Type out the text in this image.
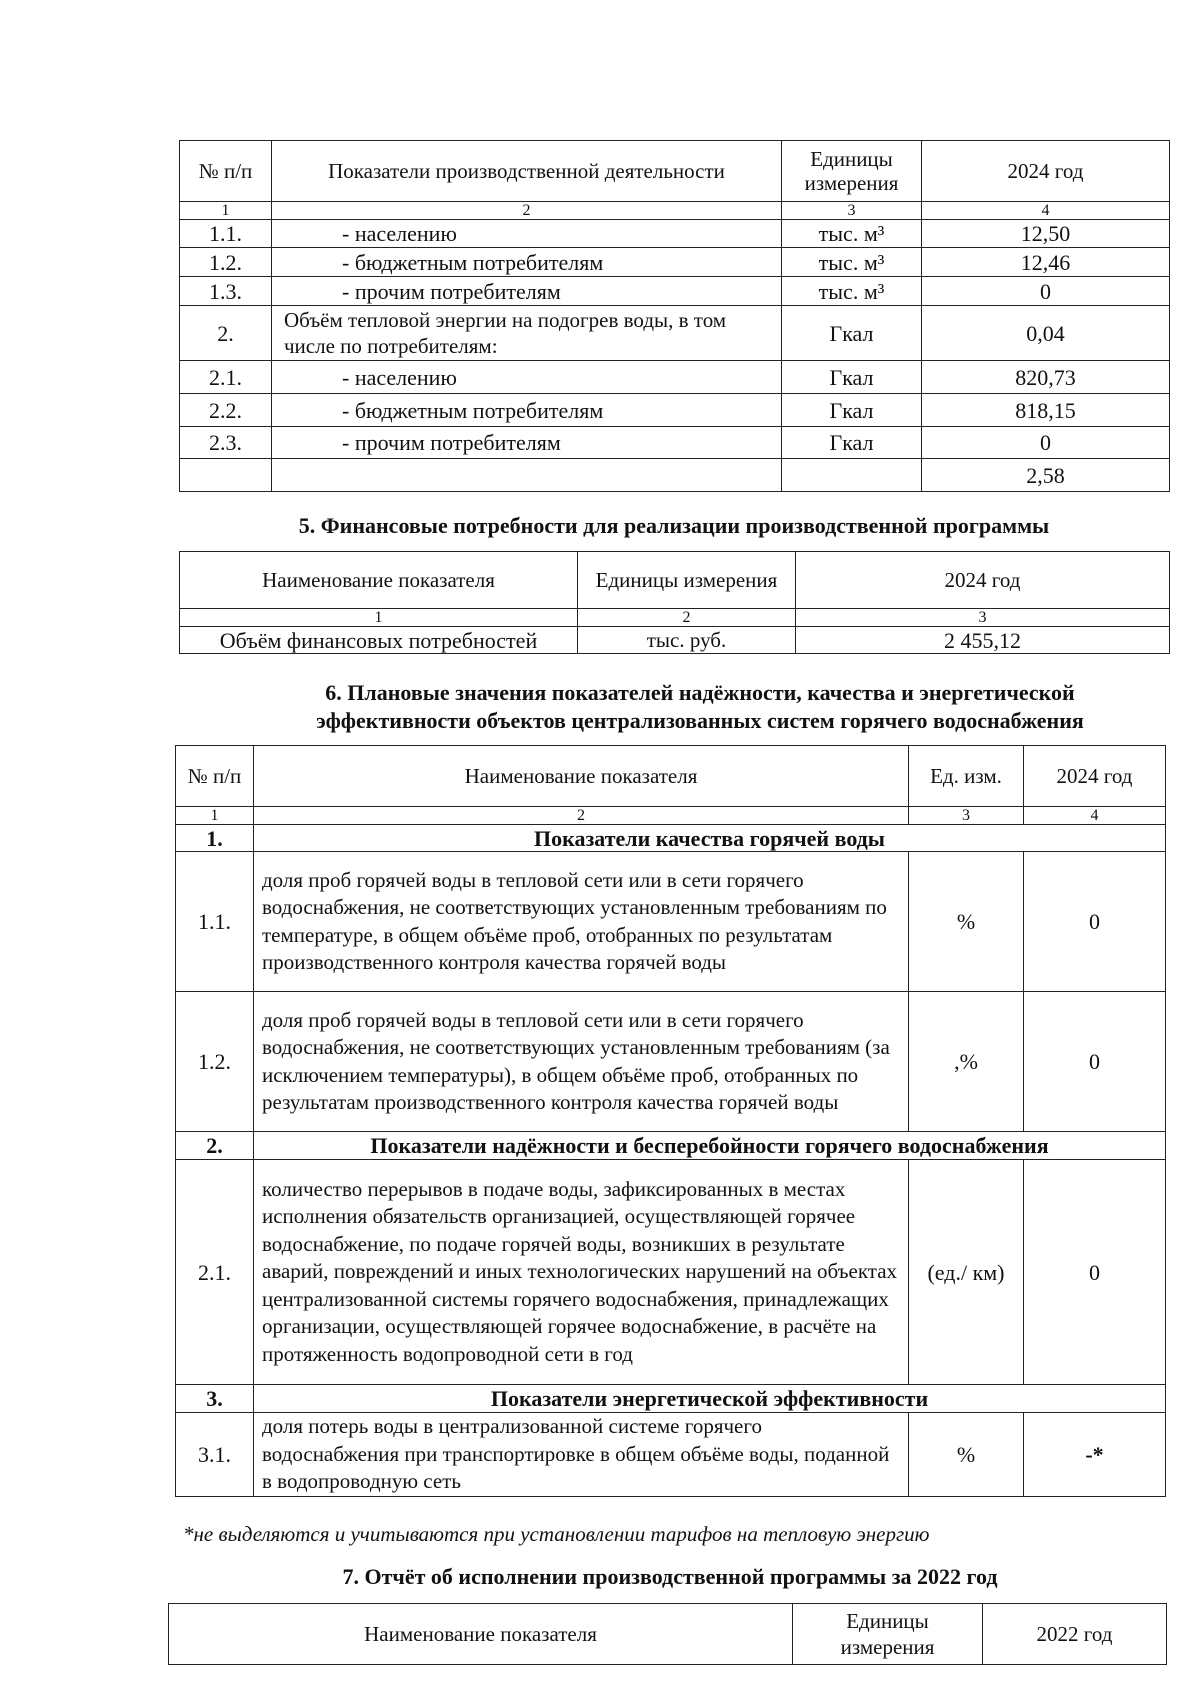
№ п/п	Показатели производственной деятельности	Единицы измерения	2024 год
1	2	3	4
1.1.	- населению	тыс. м³	12,50
1.2.	- бюджетным потребителям	тыс. м³	12,46
1.3.	- прочим потребителям	тыс. м³	0
2.	Объём тепловой энергии на подогрев воды, в том числе по потребителям:	Гкал	0,04
2.1.	- населению	Гкал	820,73
2.2.	- бюджетным потребителям	Гкал	818,15
2.3.	- прочим потребителям	Гкал	0
			2,58
5. Финансовые потребности для реализации производственной программы
Наименование показателя	Единицы измерения	2024 год
1	2	3
Объём финансовых потребностей	тыс. руб.	2 455,12
6. Плановые значения показателей надёжности, качества и энергетической
эффективности объектов централизованных систем горячего водоснабжения
№ п/п	Наименование показателя	Ед. изм.	2024 год
1	2	3	4
1.	Показатели качества горячей воды		
1.1.	доля проб горячей воды в тепловой сети или в сети горячего водоснабжения, не соответствующих установленным требованиям по температуре, в общем объёме проб, отобранных по результатам производственного контроля качества горячей воды	%	0
1.2.	доля проб горячей воды в тепловой сети или в сети горячего водоснабжения, не соответствующих установленным требованиям (за исключением температуры), в общем объёме проб, отобранных по результатам производственного контроля качества горячей воды	,%	0
2.	Показатели надёжности и бесперебойности горячего водоснабжения		
2.1.	количество перерывов в подаче воды, зафиксированных в местах исполнения обязательств организацией, осуществляющей горячее водоснабжение, по подаче горячей воды, возникших в результате аварий, повреждений и иных технологических нарушений на объектах централизованной системы горячего водоснабжения, принадлежащих организации, осуществляющей горячее водоснабжение, в расчёте на протяженность водопроводной сети в год	(ед./ км)	0
3.	Показатели энергетической эффективности		
3.1.	доля потерь воды в централизованной системе горячего водоснабжения при транспортировке в общем объёме воды, поданной в водопроводную сеть	%	-*
*не выделяются и учитываются при установлении тарифов на тепловую энергию
7. Отчёт об исполнении производственной программы за 2022 год
Наименование показателя	Единицы измерения	2022 год
